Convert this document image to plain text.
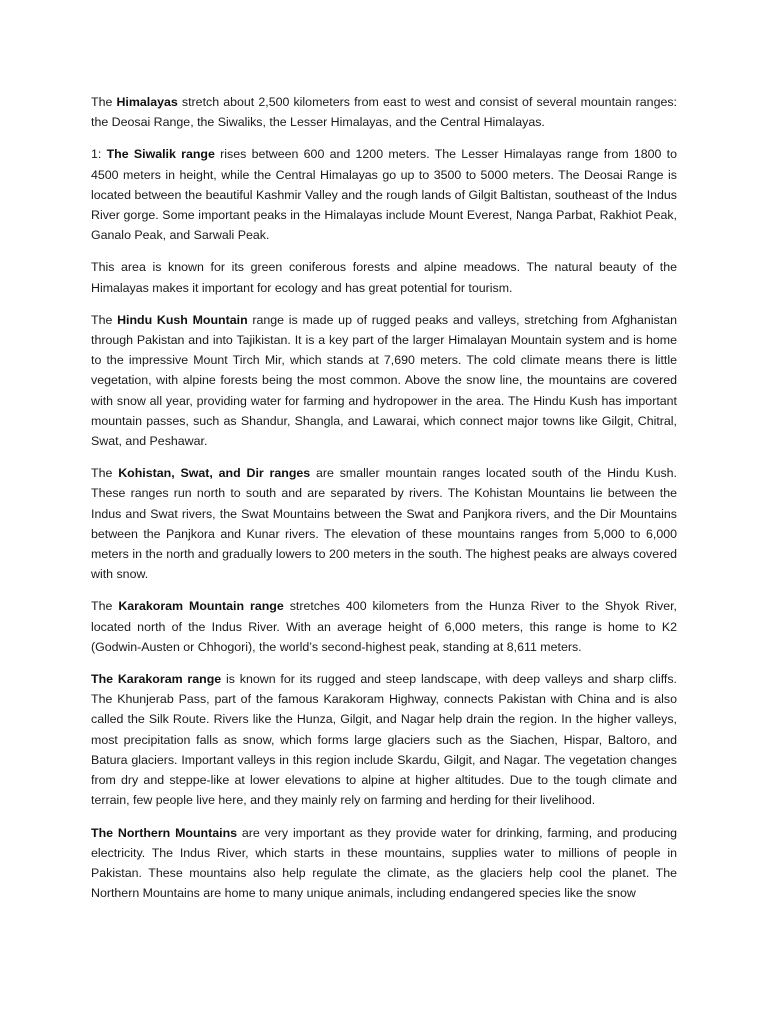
The Himalayas stretch about 2,500 kilometers from east to west and consist of several mountain ranges: the Deosai Range, the Siwaliks, the Lesser Himalayas, and the Central Himalayas.

1: The Siwalik range rises between 600 and 1200 meters. The Lesser Himalayas range from 1800 to 4500 meters in height, while the Central Himalayas go up to 3500 to 5000 meters. The Deosai Range is located between the beautiful Kashmir Valley and the rough lands of Gilgit Baltistan, southeast of the Indus River gorge. Some important peaks in the Himalayas include Mount Everest, Nanga Parbat, Rakhiot Peak, Ganalo Peak, and Sarwali Peak.

This area is known for its green coniferous forests and alpine meadows. The natural beauty of the Himalayas makes it important for ecology and has great potential for tourism.

The Hindu Kush Mountain range is made up of rugged peaks and valleys, stretching from Afghanistan through Pakistan and into Tajikistan. It is a key part of the larger Himalayan Mountain system and is home to the impressive Mount Tirch Mir, which stands at 7,690 meters. The cold climate means there is little vegetation, with alpine forests being the most common. Above the snow line, the mountains are covered with snow all year, providing water for farming and hydropower in the area. The Hindu Kush has important mountain passes, such as Shandur, Shangla, and Lawarai, which connect major towns like Gilgit, Chitral, Swat, and Peshawar.

The Kohistan, Swat, and Dir ranges are smaller mountain ranges located south of the Hindu Kush. These ranges run north to south and are separated by rivers. The Kohistan Mountains lie between the Indus and Swat rivers, the Swat Mountains between the Swat and Panjkora rivers, and the Dir Mountains between the Panjkora and Kunar rivers. The elevation of these mountains ranges from 5,000 to 6,000 meters in the north and gradually lowers to 200 meters in the south. The highest peaks are always covered with snow.

The Karakoram Mountain range stretches 400 kilometers from the Hunza River to the Shyok River, located north of the Indus River. With an average height of 6,000 meters, this range is home to K2 (Godwin-Austen or Chhogori), the world’s second-highest peak, standing at 8,611 meters.

The Karakoram range is known for its rugged and steep landscape, with deep valleys and sharp cliffs. The Khunjerab Pass, part of the famous Karakoram Highway, connects Pakistan with China and is also called the Silk Route. Rivers like the Hunza, Gilgit, and Nagar help drain the region. In the higher valleys, most precipitation falls as snow, which forms large glaciers such as the Siachen, Hispar, Baltoro, and Batura glaciers. Important valleys in this region include Skardu, Gilgit, and Nagar. The vegetation changes from dry and steppe-like at lower elevations to alpine at higher altitudes. Due to the tough climate and terrain, few people live here, and they mainly rely on farming and herding for their livelihood.

The Northern Mountains are very important as they provide water for drinking, farming, and producing electricity. The Indus River, which starts in these mountains, supplies water to millions of people in Pakistan. These mountains also help regulate the climate, as the glaciers help cool the planet. The Northern Mountains are home to many unique animals, including endangered species like the snow
